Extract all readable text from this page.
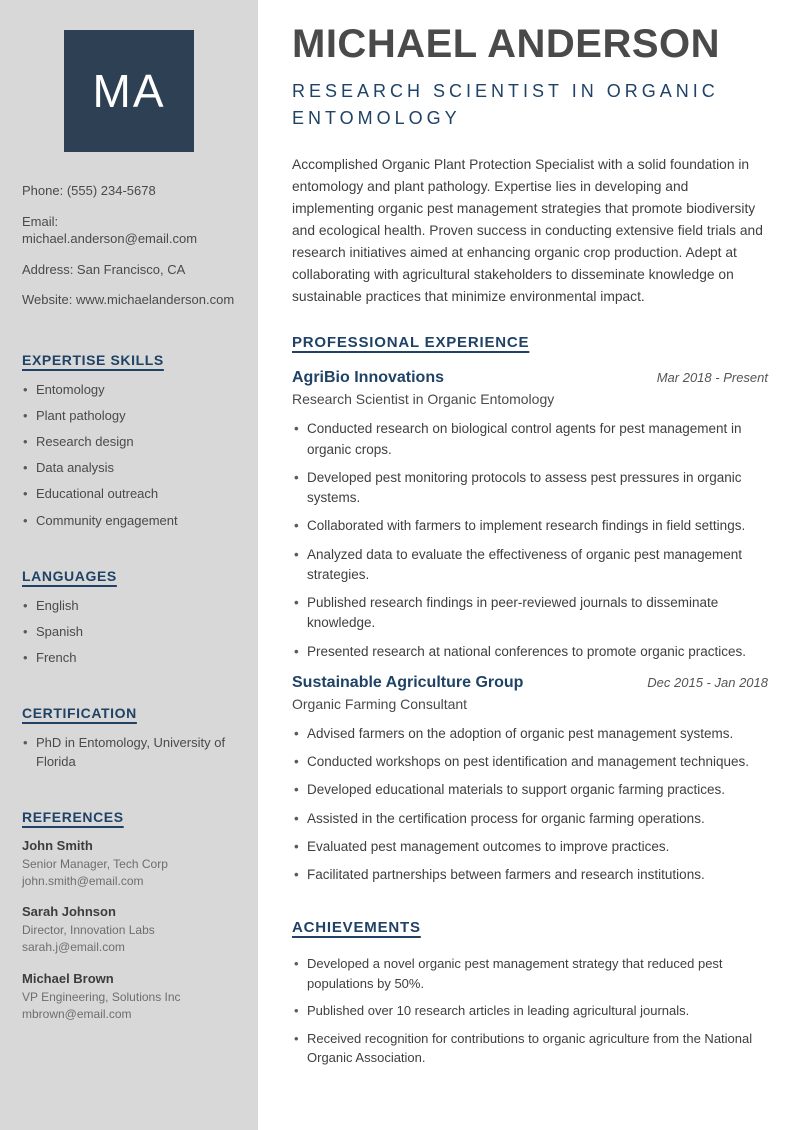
MA
Phone: (555) 234-5678
Email: michael.anderson@email.com
Address: San Francisco, CA
Website: www.michaelanderson.com
EXPERTISE SKILLS
• Entomology
• Plant pathology
• Research design
• Data analysis
• Educational outreach
• Community engagement
LANGUAGES
• English
• Spanish
• French
CERTIFICATION
• PhD in Entomology, University of Florida
REFERENCES
John Smith
Senior Manager, Tech Corp
john.smith@email.com
Sarah Johnson
Director, Innovation Labs
sarah.j@email.com
Michael Brown
VP Engineering, Solutions Inc
mbrown@email.com
MICHAEL ANDERSON
RESEARCH SCIENTIST IN ORGANIC ENTOMOLOGY

Accomplished Organic Plant Protection Specialist with a solid foundation in entomology and plant pathology. Expertise lies in developing and implementing organic pest management strategies that promote biodiversity and ecological health. Proven success in conducting extensive field trials and research initiatives aimed at enhancing organic crop production. Adept at collaborating with agricultural stakeholders to disseminate knowledge on sustainable practices that minimize environmental impact.

PROFESSIONAL EXPERIENCE
AgriBio Innovations	Mar 2018 - Present
Research Scientist in Organic Entomology
• Conducted research on biological control agents for pest management in organic crops.
• Developed pest monitoring protocols to assess pest pressures in organic systems.
• Collaborated with farmers to implement research findings in field settings.
• Analyzed data to evaluate the effectiveness of organic pest management strategies.
• Published research findings in peer-reviewed journals to disseminate knowledge.
• Presented research at national conferences to promote organic practices.
Sustainable Agriculture Group	Dec 2015 - Jan 2018
Organic Farming Consultant
• Advised farmers on the adoption of organic pest management systems.
• Conducted workshops on pest identification and management techniques.
• Developed educational materials to support organic farming practices.
• Assisted in the certification process for organic farming operations.
• Evaluated pest management outcomes to improve practices.
• Facilitated partnerships between farmers and research institutions.
ACHIEVEMENTS
• Developed a novel organic pest management strategy that reduced pest populations by 50%.
• Published over 10 research articles in leading agricultural journals.
• Received recognition for contributions to organic agriculture from the National Organic Association.
